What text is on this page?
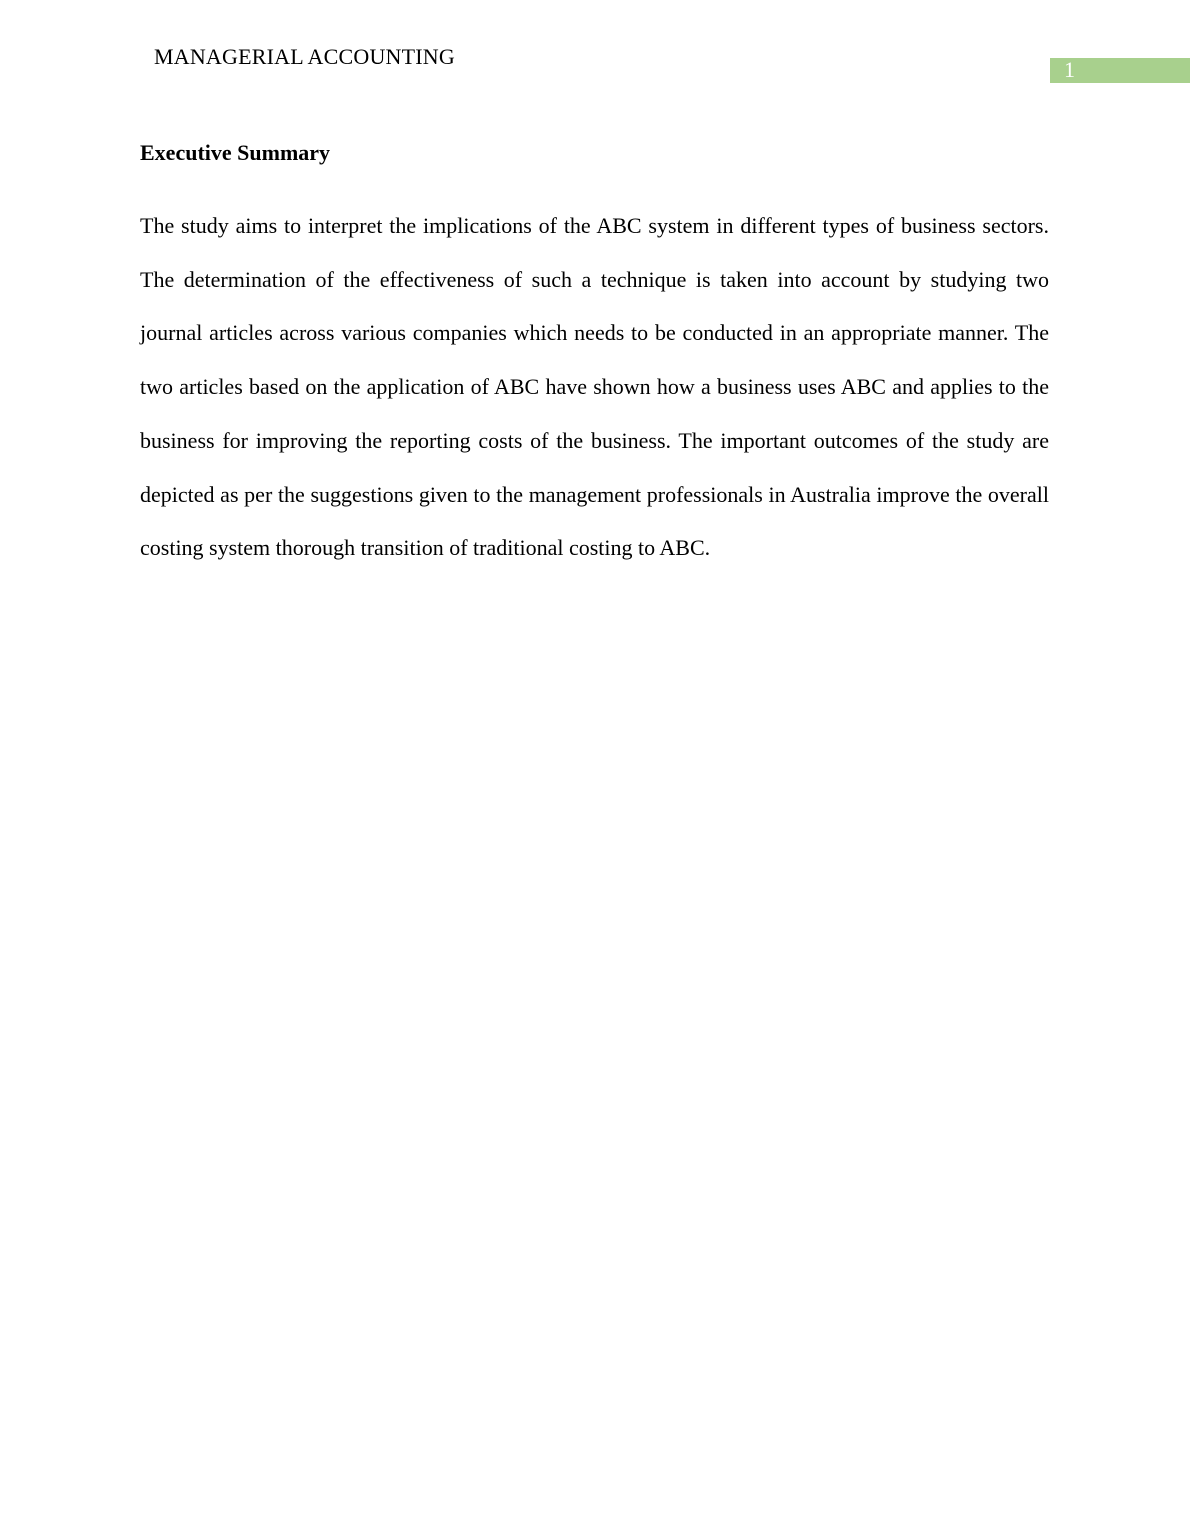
MANAGERIAL ACCOUNTING
1
Executive Summary

The study aims to interpret the implications of the ABC system in different types of business sectors. The determination of the effectiveness of such a technique is taken into account by studying two journal articles across various companies which needs to be conducted in an appropriate manner. The two articles based on the application of ABC have shown how a business uses ABC and applies to the business for improving the reporting costs of the business. The important outcomes of the study are depicted as per the suggestions given to the management professionals in Australia improve the overall costing system thorough transition of traditional costing to ABC.
